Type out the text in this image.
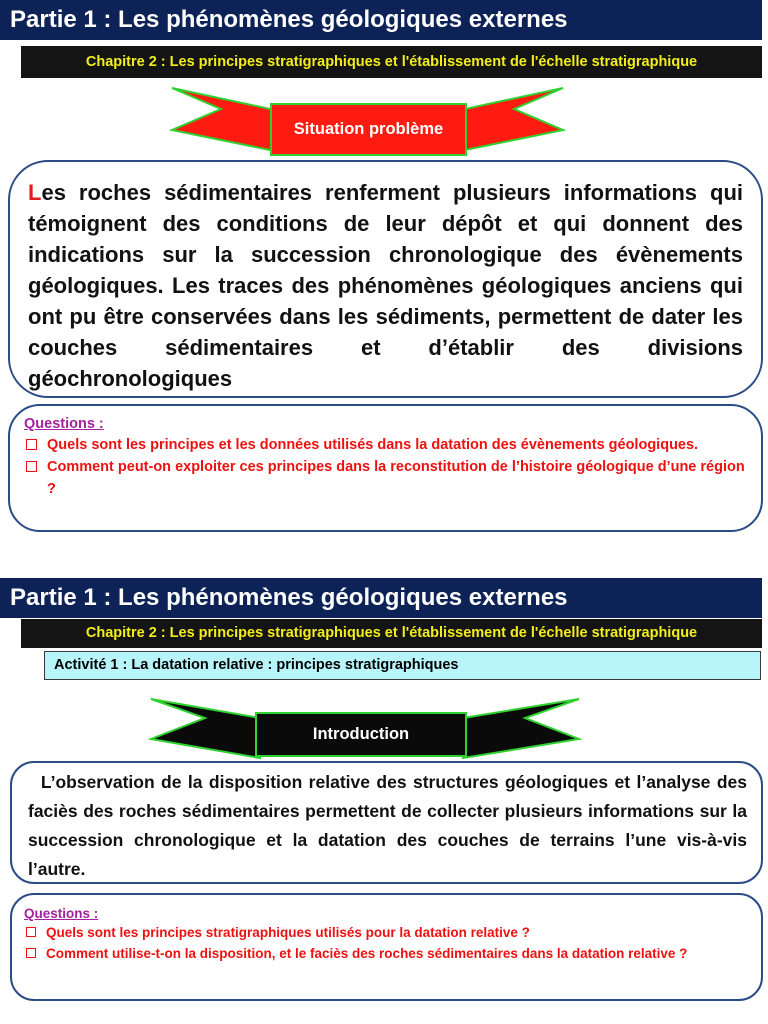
Partie 1 : Les phénomènes géologiques externes
Chapitre 2 : Les principes stratigraphiques et l'établissement de l'échelle stratigraphique
Situation problème
Les roches sédimentaires renferment plusieurs informations qui témoignent des conditions de leur dépôt et qui donnent des indications sur la succession chronologique des évènements géologiques. Les traces des phénomènes géologiques anciens qui ont pu être conservées dans les sédiments, permettent de dater les couches sédimentaires et d’établir des divisions géochronologiques
Questions :
Quels sont les principes et les données utilisés dans la datation des évènements géologiques.
Comment peut-on exploiter ces principes dans la reconstitution de l’histoire géologique d’une région ?
Partie 1 : Les phénomènes géologiques externes
Chapitre 2 : Les principes stratigraphiques et l'établissement de l'échelle stratigraphique
Activité 1 : La datation relative : principes stratigraphiques
Introduction
L’observation de la disposition relative des structures géologiques et l’analyse des faciès des roches sédimentaires permettent de collecter plusieurs informations sur la succession chronologique et la datation des couches de terrains l’une vis-à-vis l’autre.
Questions :
Quels sont les principes stratigraphiques utilisés pour la datation relative ?
Comment utilise-t-on la disposition, et le faciès des roches sédimentaires dans la datation relative ?
